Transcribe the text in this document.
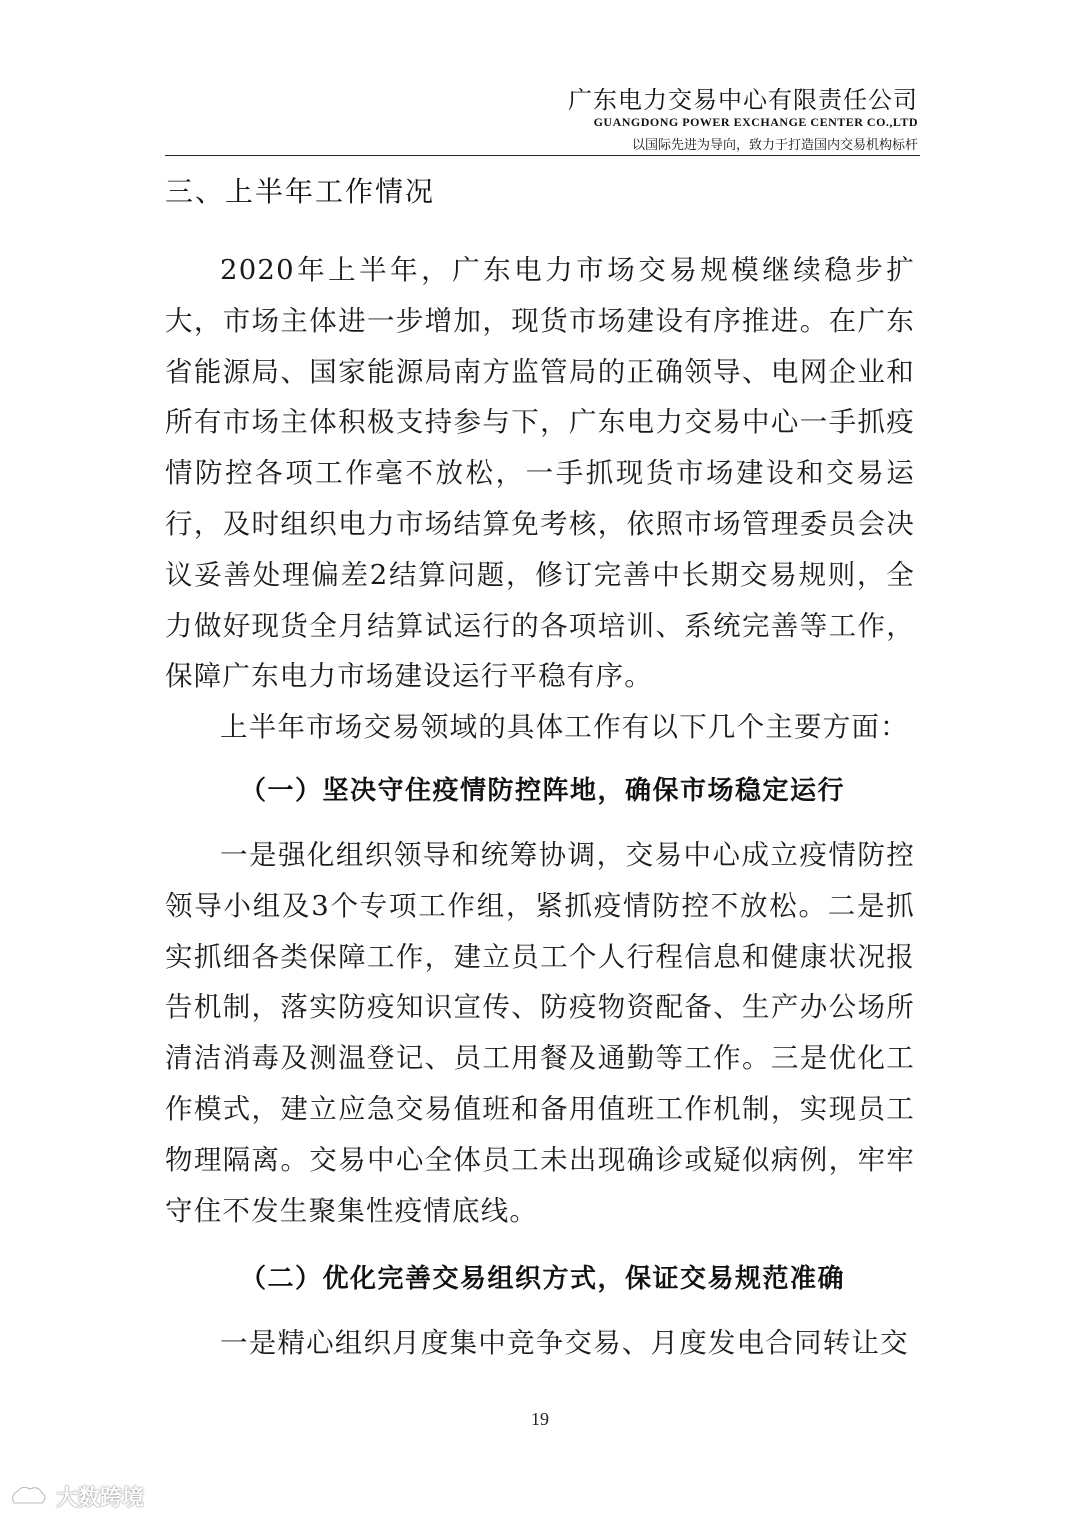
广东电力交易中心有限责任公司
GUANGDONG POWER EXCHANGE CENTER CO.,LTD
以国际先进为导向，致力于打造国内交易机构标杆
三、上半年工作情况

2020年上半年，广东电力市场交易规模继续稳步扩大，市场主体进一步增加，现货市场建设有序推进。在广东省能源局、国家能源局南方监管局的正确领导、电网企业和所有市场主体积极支持参与下，广东电力交易中心一手抓疫情防控各项工作毫不放松，一手抓现货市场建设和交易运行，及时组织电力市场结算免考核，依照市场管理委员会决议妥善处理偏差2结算问题，修订完善中长期交易规则，全力做好现货全月结算试运行的各项培训、系统完善等工作，保障广东电力市场建设运行平稳有序。

上半年市场交易领域的具体工作有以下几个主要方面：

（一）坚决守住疫情防控阵地，确保市场稳定运行

一是强化组织领导和统筹协调，交易中心成立疫情防控领导小组及3个专项工作组，紧抓疫情防控不放松。二是抓实抓细各类保障工作，建立员工个人行程信息和健康状况报告机制，落实防疫知识宣传、防疫物资配备、生产办公场所清洁消毒及测温登记、员工用餐及通勤等工作。三是优化工作模式，建立应急交易值班和备用值班工作机制，实现员工物理隔离。交易中心全体员工未出现确诊或疑似病例，牢牢守住不发生聚集性疫情底线。

（二）优化完善交易组织方式，保证交易规范准确

一是精心组织月度集中竞争交易、月度发电合同转让交

19
大数跨境
